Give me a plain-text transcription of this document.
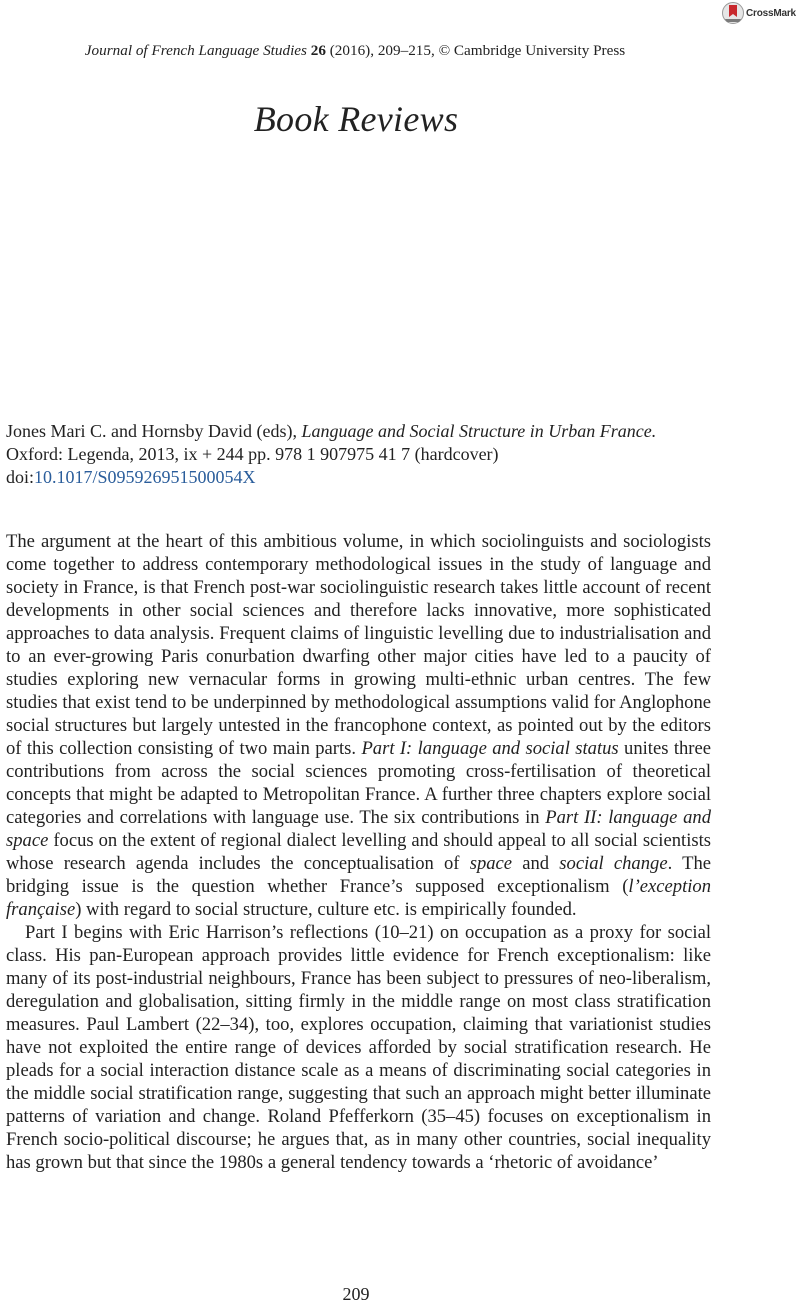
CrossMark
Journal of French Language Studies 26 (2016), 209–215, © Cambridge University Press
Book Reviews
Jones Mari C. and Hornsby David (eds), Language and Social Structure in Urban France.
Oxford: Legenda, 2013, ix + 244 pp. 978 1 907975 41 7 (hardcover)
doi:10.1017/S095926951500054X

The argument at the heart of this ambitious volume, in which sociolinguists and sociologists come together to address contemporary methodological issues in the study of language and society in France, is that French post-war sociolinguistic research takes little account of recent developments in other social sciences and therefore lacks innovative, more sophisticated approaches to data analysis. Frequent claims of linguistic levelling due to industrialisation and to an ever-growing Paris conurbation dwarfing other major cities have led to a paucity of studies exploring new vernacular forms in growing multi-ethnic urban centres. The few studies that exist tend to be underpinned by methodological assumptions valid for Anglophone social structures but largely untested in the francophone context, as pointed out by the editors of this collection consisting of two main parts. Part I: language and social status unites three contributions from across the social sciences promoting cross-fertilisation of theoretical concepts that might be adapted to Metropolitan France. A further three chapters explore social categories and correlations with language use. The six contributions in Part II: language and space focus on the extent of regional dialect levelling and should appeal to all social scientists whose research agenda includes the conceptualisation of space and social change. The bridging issue is the question whether France’s supposed exceptionalism (l’exception française) with regard to social structure, culture etc. is empirically founded.

Part I begins with Eric Harrison’s reflections (10–21) on occupation as a proxy for social class. His pan-European approach provides little evidence for French exceptionalism: like many of its post-industrial neighbours, France has been subject to pressures of neo-liberalism, deregulation and globalisation, sitting firmly in the middle range on most class stratification measures. Paul Lambert (22–34), too, explores occupation, claiming that variationist studies have not exploited the entire range of devices afforded by social stratification research. He pleads for a social interaction distance scale as a means of discriminating social categories in the middle social stratification range, suggesting that such an approach might better illuminate patterns of variation and change. Roland Pfefferkorn (35–45) focuses on exceptionalism in French socio-political discourse; he argues that, as in many other countries, social inequality has grown but that since the 1980s a general tendency towards a ‘rhetoric of avoidance’

209
